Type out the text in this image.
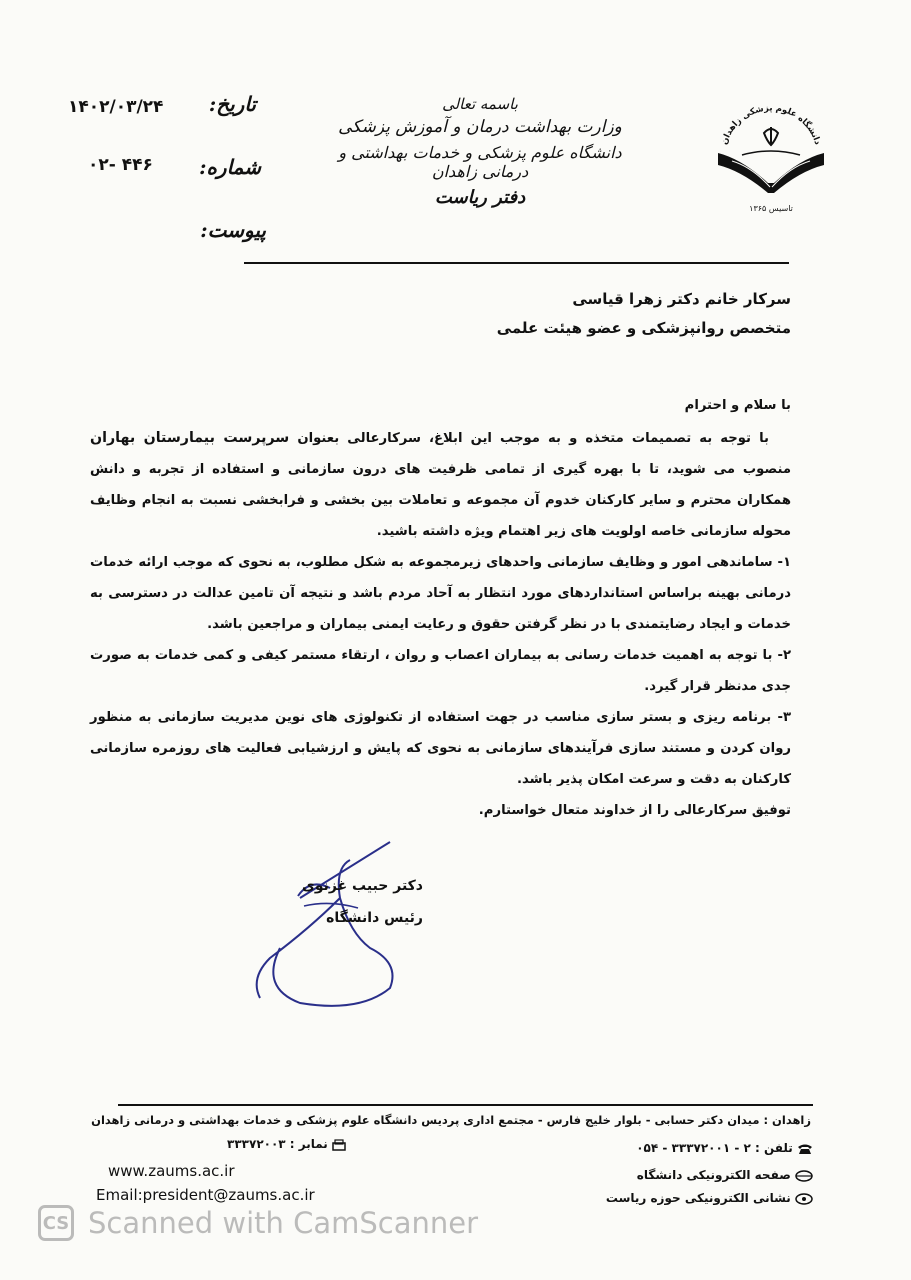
دانشگاه علوم پزشکی زاهدان
تاسیس ۱۳۶۵
باسمه تعالی
وزارت بهداشت درمان و آموزش پزشکی
دانشگاه علوم پزشکی و خدمات بهداشتی و درمانی زاهدان
دفتر ریاست
تاریخ:
۱۴۰۲/۰۳/۲۴
شماره:
۰۲- ۴۴۶
پیوست:
سرکار خانم دکتر زهرا قیاسی
متخصص روانپزشکی و عضو هیئت علمی

با سلام و احترام

با توجه به تصمیمات متخذه و به موجب این ابلاغ، سرکارعالی بعنوان سرپرست بیمارستان بهاران منصوب می شوید، تا با بهره گیری از تمامی ظرفیت های درون سازمانی و استفاده از تجربه و دانش همکاران محترم و سایر کارکنان خدوم آن مجموعه و تعاملات بین بخشی و فرابخشی نسبت به انجام وظایف محوله سازمانی خاصه اولویت های زیر اهتمام ویژه داشته باشید.

۱- ساماندهی امور و وظایف سازمانی واحدهای زیرمجموعه به شکل مطلوب، به نحوی که موجب ارائه خدمات درمانی بهینه براساس استانداردهای مورد انتظار به آحاد مردم باشد و نتیجه آن تامین عدالت در دسترسی به خدمات و ایجاد رضایتمندی با در نظر گرفتن حقوق و رعایت ایمنی بیماران و مراجعین باشد.

۲- با توجه به اهمیت خدمات رسانی به بیماران اعصاب و روان ، ارتقاء مستمر کیفی و کمی خدمات به صورت جدی مدنظر قرار گیرد.

۳- برنامه ریزی و بستر سازی مناسب در جهت استفاده از تکنولوژی های نوین مدیریت سازمانی به منظور روان کردن و مستند سازی فرآیندهای سازمانی به نحوی که پایش و ارزشیابی فعالیت های روزمره سازمانی کارکنان به دقت و سرعت امکان پذیر باشد.

توفیق سرکارعالی را از خداوند متعال خواستارم.

دکتر حبیب غزنوی
رئیس دانشگاه
زاهدان : میدان دکتر حسابی - بلوار خلیج فارس - مجتمع اداری پردیس دانشگاه علوم پزشکی و خدمات بهداشتی و درمانی زاهدان
تلفن : ۲ - ۳۳۳۷۲۰۰۱ - ۰۵۴
نمابر : ۳۳۳۷۲۰۰۳
صفحه الکترونیکی دانشگاه
نشانی الکترونیکی حوزه ریاست
www.zaums.ac.ir
Email:president@zaums.ac.ir
CS Scanned with CamScanner
